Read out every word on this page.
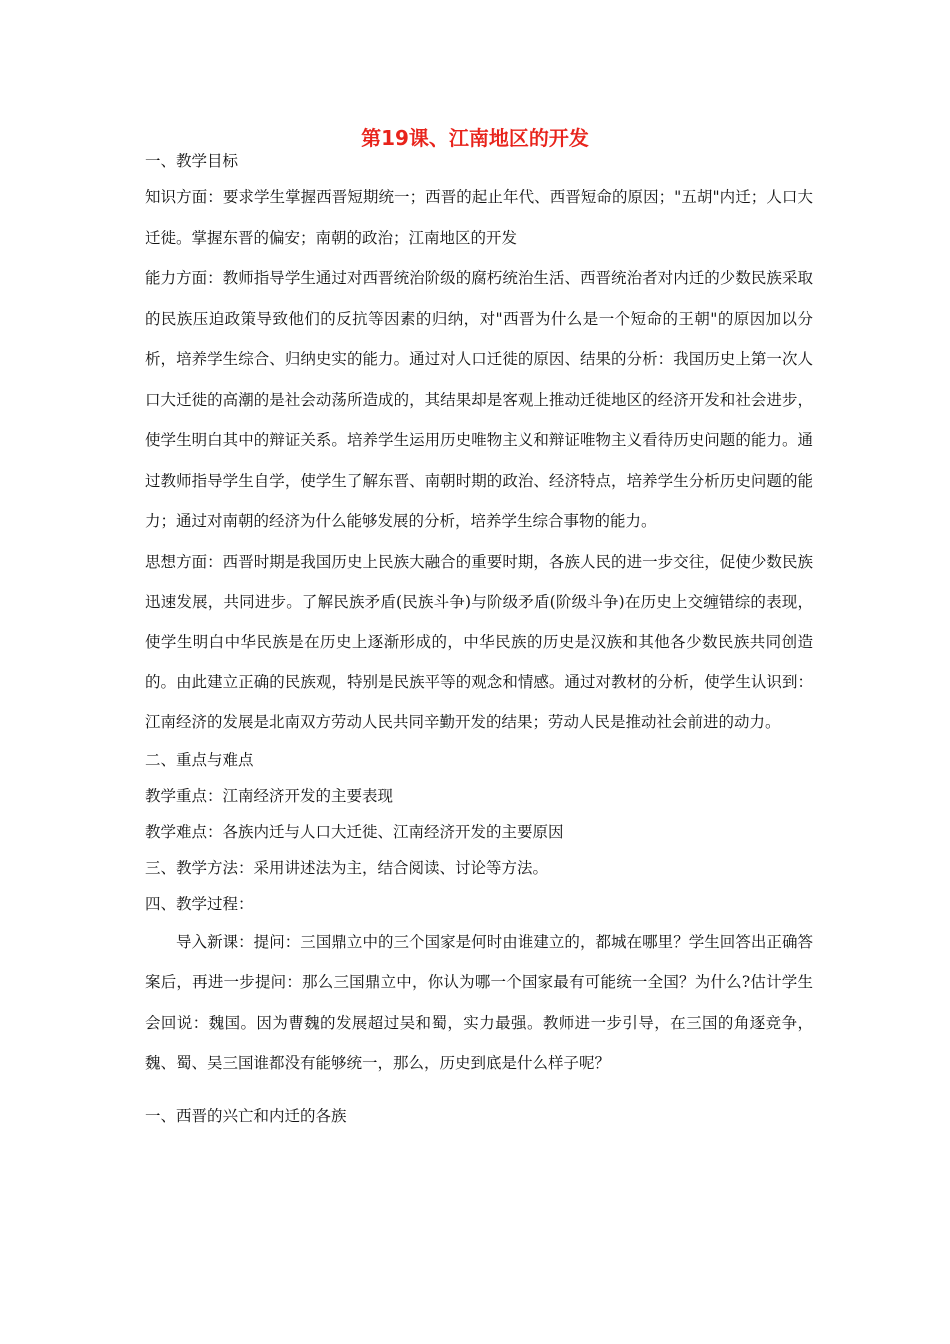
第19课、江南地区的开发

一、教学目标

知识方面：要求学生掌握西晋短期统一；西晋的起止年代、西晋短命的原因；"五胡"内迁；人口大迁徙。掌握东晋的偏安；南朝的政治；江南地区的开发

能力方面：教师指导学生通过对西晋统治阶级的腐朽统治生活、西晋统治者对内迁的少数民族采取的民族压迫政策导致他们的反抗等因素的归纳，对"西晋为什么是一个短命的王朝"的原因加以分析，培养学生综合、归纳史实的能力。通过对人口迁徙的原因、结果的分析：我国历史上第一次人口大迁徙的高潮的是社会动荡所造成的，其结果却是客观上推动迁徙地区的经济开发和社会进步，使学生明白其中的辩证关系。培养学生运用历史唯物主义和辩证唯物主义看待历史问题的能力。通过教师指导学生自学，使学生了解东晋、南朝时期的政治、经济特点，培养学生分析历史问题的能力；通过对南朝的经济为什么能够发展的分析，培养学生综合事物的能力。

思想方面：西晋时期是我国历史上民族大融合的重要时期，各族人民的进一步交往，促使少数民族迅速发展，共同进步。了解民族矛盾(民族斗争)与阶级矛盾(阶级斗争)在历史上交缠错综的表现，使学生明白中华民族是在历史上逐渐形成的，中华民族的历史是汉族和其他各少数民族共同创造的。由此建立正确的民族观，特别是民族平等的观念和情感。通过对教材的分析，使学生认识到：江南经济的发展是北南双方劳动人民共同辛勤开发的结果；劳动人民是推动社会前进的动力。

二、重点与难点

教学重点：江南经济开发的主要表现

教学难点：各族内迁与人口大迁徙、江南经济开发的主要原因

三、教学方法：采用讲述法为主，结合阅读、讨论等方法。

四、教学过程：

导入新课：提问：三国鼎立中的三个国家是何时由谁建立的，都城在哪里？学生回答出正确答案后，再进一步提问：那么三国鼎立中，你认为哪一个国家最有可能统一全国？为什么?估计学生会回说：魏国。因为曹魏的发展超过吴和蜀，实力最强。教师进一步引导，在三国的角逐竞争，魏、蜀、吴三国谁都没有能够统一，那么，历史到底是什么样子呢？

一、西晋的兴亡和内迁的各族
